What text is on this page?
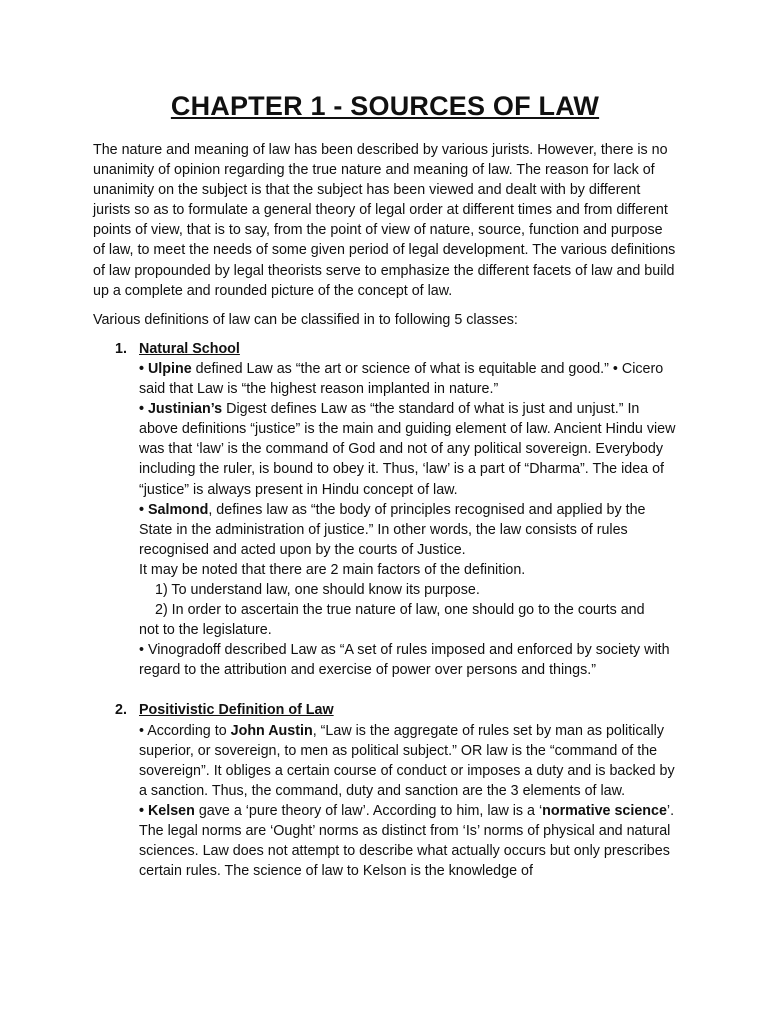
CHAPTER 1 - SOURCES OF LAW

The nature and meaning of law has been described by various jurists. However, there is no unanimity of opinion regarding the true nature and meaning of law. The reason for lack of unanimity on the subject is that the subject has been viewed and dealt with by different jurists so as to formulate a general theory of legal order at different times and from different points of view, that is to say, from the point of view of nature, source, function and purpose of law, to meet the needs of some given period of legal development. The various definitions of law propounded by legal theorists serve to emphasize the different facets of law and build up a complete and rounded picture of the concept of law.

Various definitions of law can be classified in to following 5 classes:

1. Natural School
• Ulpine defined Law as “the art or science of what is equitable and good.” • Cicero said that Law is “the highest reason implanted in nature.”
• Justinian’s Digest defines Law as “the standard of what is just and unjust.” In above definitions “justice” is the main and guiding element of law. Ancient Hindu view was that ‘law’ is the command of God and not of any political sovereign. Everybody including the ruler, is bound to obey it. Thus, ‘law’ is a part of “Dharma”. The idea of “justice” is always present in Hindu concept of law.
• Salmond, defines law as “the body of principles recognised and applied by the State in the administration of justice.” In other words, the law consists of rules recognised and acted upon by the courts of Justice.
It may be noted that there are 2 main factors of the definition.
1) To understand law, one should know its purpose.
2) In order to ascertain the true nature of law, one should go to the courts and
not to the legislature.
• Vinogradoff described Law as “A set of rules imposed and enforced by society with regard to the attribution and exercise of power over persons and things.”
2. Positivistic Definition of Law
• According to John Austin, “Law is the aggregate of rules set by man as politically superior, or sovereign, to men as political subject.” OR law is the “command of the sovereign”. It obliges a certain course of conduct or imposes a duty and is backed by a sanction. Thus, the command, duty and sanction are the 3 elements of law.
• Kelsen gave a ‘pure theory of law’. According to him, law is a ‘normative science’. The legal norms are ‘Ought’ norms as distinct from ‘Is’ norms of physical and natural sciences. Law does not attempt to describe what actually occurs but only prescribes certain rules. The science of law to Kelson is the knowledge of
